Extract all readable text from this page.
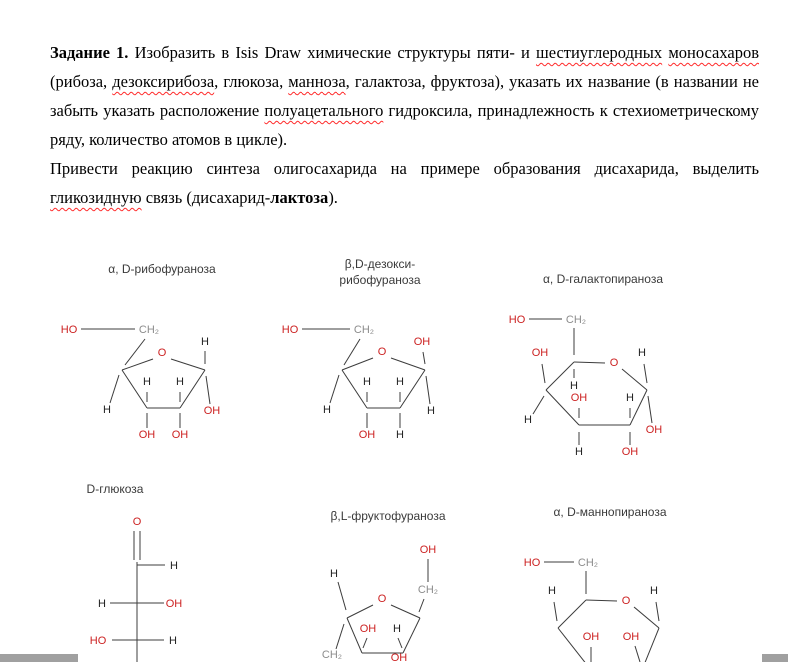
Задание 1. Изобразить в Isis Draw химические структуры пяти- и шестиуглеродных моносахаров (рибоза, дезоксирибоза, глюкоза, манноза, галактоза, фруктоза), указать их название (в названии не забыть указать расположение полуацетального гидроксила, принадлежность к стехиометрическому ряду, количество атомов в цикле).

Привести реакцию синтеза олигосахарида на примере образования дисахарида, выделить гликозидную связь (дисахарид-лактоза).

α, D-рибофураноза
HO	CH₂
O
H
OH
H
OH
H
OH
H
β,D-дезокси-
рибофураноза
HO	CH₂
O
OH
H
H
H
H
OH
H
α, D-галактопираноза
HO	CH₂
O
OH
H
H
H
OH
H
OH
OH
H
D-глюкоза
O
H
H	OH
HO	H
β,L-фруктофураноза
OH
CH₂
H
O
OH H
CH₂	OH
α, D-маннопираноза
HO	CH₂
O
H	H
OH OH
